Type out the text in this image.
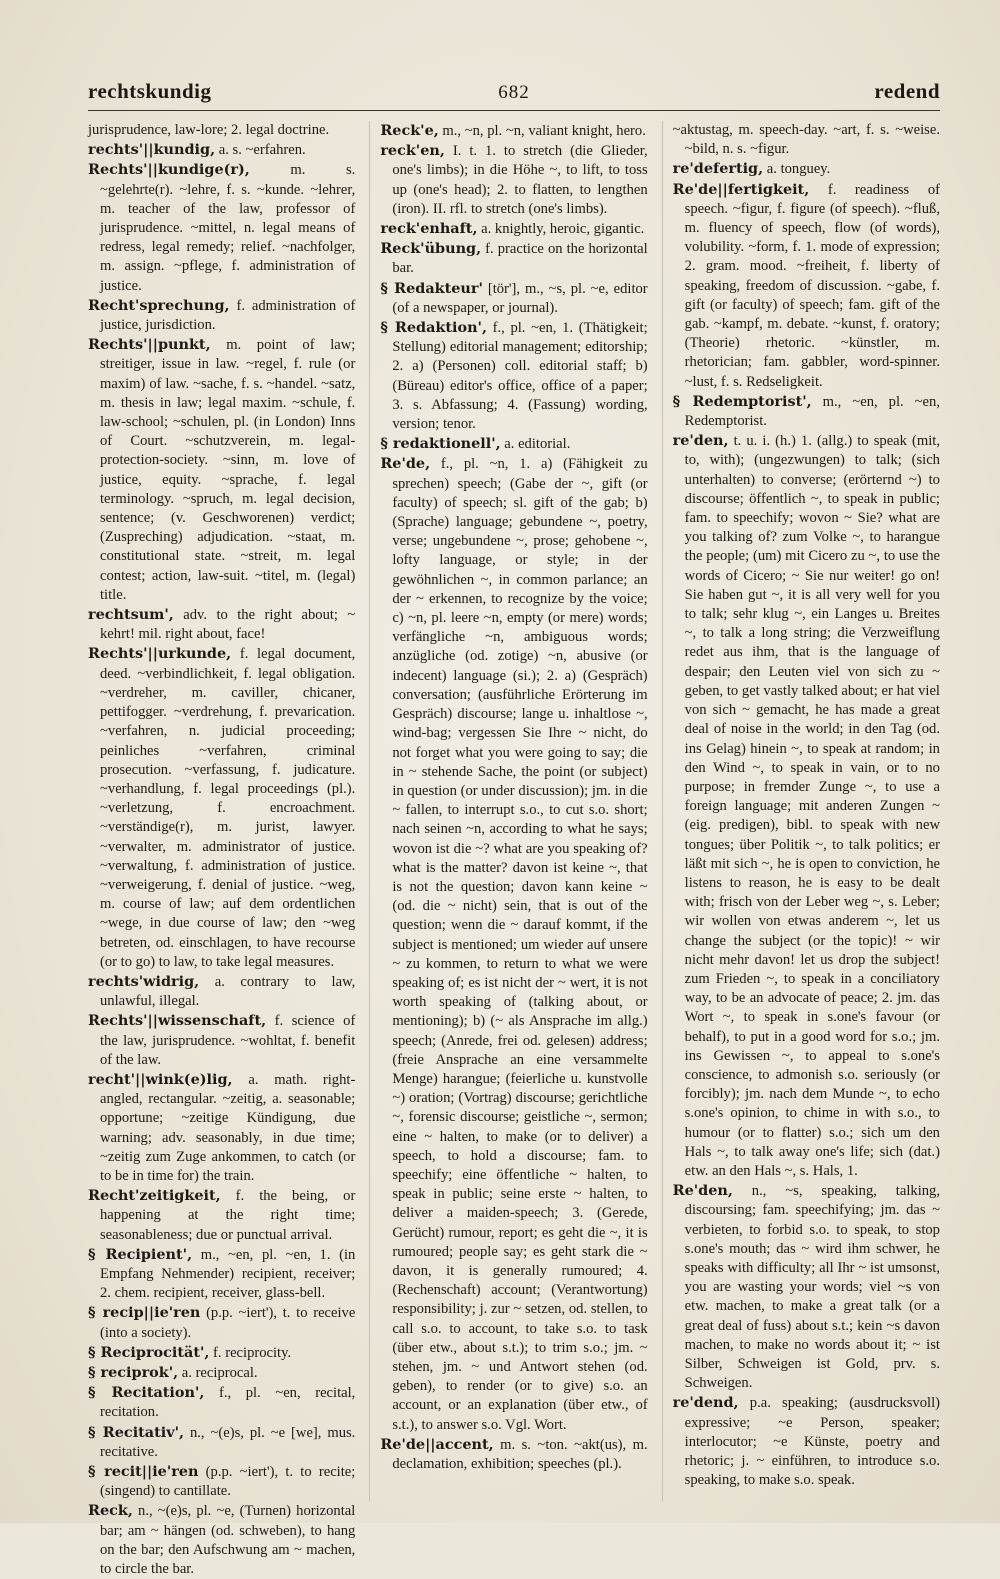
rechtskundig	682	redend

jurisprudence, law-lore; 2. legal doctrine.

rechts'||kundig, a. s. ~erfahren.

Rechts'||kundige(r),	m. s. ~gelehrte(r). ~lehre, f. s. ~kunde. ~lehrer, m. teacher of the law, professor of jurisprudence. ~mittel, n. legal means of redress, legal remedy; relief. ~nachfolger, m. assign. ~pflege, f. administration of justice.

Recht'sprechung, f. administration of justice, jurisdiction.

Rechts'||punkt, m. point of law; streitiger, issue in law. ~regel, f. rule (or maxim) of law. ~sache, f. s. ~handel. ~satz, m. thesis in law; legal maxim. ~schule, f. law-school; ~schulen, pl. (in London) Inns of Court. ~schutzverein, m. legal-protection-society. ~sinn, m. love of justice, equity. ~sprache, f. legal terminology. ~spruch, m. legal decision, sentence; (v. Geschworenen) verdict; (Zuspreching) adjudication. ~staat, m. constitutional state. ~streit, m. legal contest; action, law-suit. ~titel, m. (legal) title.

rechtsum', adv. to the right about; ~ kehrt! mil. right about, face!

Rechts'||urkunde, f. legal document, deed. ~verbindlichkeit, f. legal obligation. ~verdreher, m. caviller, chicaner, pettifogger. ~verdrehung, f. prevarication. ~verfahren, n. judicial proceeding; peinliches ~verfahren, criminal prosecution. ~verfassung, f. judicature. ~verhandlung, f. legal proceedings (pl.). ~verletzung, f. encroachment. ~verständige(r), m. jurist, lawyer. ~verwalter, m. administrator of justice. ~verwaltung, f. administration of justice. ~verweigerung, f. denial of justice. ~weg, m. course of law; auf dem ordentlichen ~wege, in due course of law; den ~weg betreten, od. einschlagen, to have recourse (or to go) to law, to take legal measures.

rechts'widrig, a. contrary to law, unlawful, illegal.

Rechts'||wissenschaft, f. science of the law, jurisprudence. ~wohltat, f. benefit of the law.

recht'||wink(e)lig, a. math. right-angled, rectangular. ~zeitig, a. seasonable; opportune; ~zeitige Kündigung, due warning; adv. seasonably, in due time; ~zeitig zum Zuge ankommen, to catch (or to be in time for) the train.

Recht'zeitigkeit, f. the being, or happening at the right time; seasonableness; due or punctual arrival.

§ Recipient', m., ~en, pl. ~en, 1. (in Empfang Nehmender) recipient, receiver; 2. chem. recipient, receiver, glass-bell.

§ recip||ie'ren (p.p. ~iert'), t. to receive (into a society).

§ Reciprocität', f. reciprocity.

§ reciprok', a. reciprocal.

§ Recitation', f., pl. ~en, recital, recitation.

§ Recitativ', n., ~(e)s, pl. ~e [we], mus. recitative.

§ recit||ie'ren (p.p. ~iert'), t. to recite; (singend) to cantillate.

Reck, n., ~(e)s, pl. ~e, (Turnen) horizontal bar; am ~ hängen (od. schweben), to hang on the bar; den Aufschwung am ~ machen, to circle the bar.

Reck'e, m., ~n, pl. ~n, valiant knight, hero.

reck'en, I. t. 1. to stretch (die Glieder, one's limbs); in die Höhe ~, to lift, to toss up (one's head); 2. to flatten, to lengthen (iron). II. rfl. to stretch (one's limbs).

reck'enhaft, a. knightly, heroic, gigantic.

Reck'übung, f. practice on the horizontal bar.

§ Redakteur' [tör'], m., ~s, pl. ~e, editor (of a newspaper, or journal).

§ Redaktion', f., pl. ~en, 1. (Thätigkeit; Stellung) editorial management; editorship; 2. a) (Personen) coll. editorial staff; b) (Büreau) editor's office, office of a paper; 3. s. Abfassung; 4. (Fassung) wording, version; tenor.

§ redaktionell', a. editorial.

Re'de, f., pl. ~n, 1. a) (Fähigkeit zu sprechen) speech; (Gabe der ~, gift (or faculty) of speech; sl. gift of the gab; b) (Sprache) language; gebundene ~, poetry, verse; ungebundene ~, prose; gehobene ~, lofty language, or style; in der gewöhnlichen ~, in common parlance; an der ~ erkennen, to recognize by the voice; c) ~n, pl. leere ~n, empty (or mere) words; verfängliche ~n, ambiguous words; anzügliche (od. zotige) ~n, abusive (or indecent) language (si.); 2. a) (Gespräch) conversation; (ausführliche Erörterung im Gespräch) discourse; lange u. inhaltlose ~, wind-bag; vergessen Sie Ihre ~ nicht, do not forget what you were going to say; die in ~ stehende Sache, the point (or subject) in question (or under discussion); jm. in die ~ fallen, to interrupt s.o., to cut s.o. short; nach seinen ~n, according to what he says; wovon ist die ~? what are you speaking of? what is the matter? davon ist keine ~, that is not the question; davon kann keine ~ (od. die ~ nicht) sein, that is out of the question; wenn die ~ darauf kommt, if the subject is mentioned; um wieder auf unsere ~ zu kommen, to return to what we were speaking of; es ist nicht der ~ wert, it is not worth speaking of (talking about, or mentioning); b) (~ als Ansprache im allg.) speech; (Anrede, frei od. gelesen) address; (freie Ansprache an eine versammelte Menge) harangue; (feierliche u. kunstvolle ~) oration; (Vortrag) discourse; gerichtliche ~, forensic discourse; geistliche ~, sermon; eine ~ halten, to make (or to deliver) a speech, to hold a discourse; fam. to speechify; eine öffentliche ~ halten, to speak in public; seine erste ~ halten, to deliver a maiden-speech; 3. (Gerede, Gerücht) rumour, report; es geht die ~, it is rumoured; people say; es geht stark die ~ davon, it is generally rumoured; 4. (Rechenschaft) account; (Verantwortung) responsibility; j. zur ~ setzen, od. stellen, to call s.o. to account, to take s.o. to task (über etw., about s.t.); to trim s.o.; jm. ~ stehen, jm. ~ und Antwort stehen (od. geben), to render (or to give) s.o. an account, or an explanation (über etw., of s.t.), to answer s.o. Vgl. Wort.

Re'de||accent, m. s. ~ton. ~akt(us), m. declamation, exhibition; speeches (pl.).

~aktustag, m. speech-day. ~art, f. s. ~weise. ~bild, n. s. ~figur.

re'defertig, a. tonguey.

Re'de||fertigkeit, f. readiness of speech. ~figur, f. figure (of speech). ~fluß, m. fluency of speech, flow (of words), volubility. ~form, f. 1. mode of expression; 2. gram. mood. ~freiheit, f. liberty of speaking, freedom of discussion. ~gabe, f. gift (or faculty) of speech; fam. gift of the gab. ~kampf, m. debate. ~kunst, f. oratory; (Theorie) rhetoric. ~künstler, m. rhetorician; fam. gabbler, word-spinner. ~lust, f. s. Redseligkeit.

§ Redemptorist', m., ~en, pl. ~en, Redemptorist.

re'den, t. u. i. (h.) 1. (allg.) to speak (mit, to, with); (ungezwungen) to talk; (sich unterhalten) to converse; (erörternd ~) to discourse; öffentlich ~, to speak in public; fam. to speechify; wovon ~ Sie? what are you talking of? zum Volke ~, to harangue the people; (um) mit Cicero zu ~, to use the words of Cicero; ~ Sie nur weiter! go on! Sie haben gut ~, it is all very well for you to talk; sehr klug ~, ein Langes u. Breites ~, to talk a long string; die Verzweiflung redet aus ihm, that is the language of despair; den Leuten viel von sich zu ~ geben, to get vastly talked about; er hat viel von sich ~ gemacht, he has made a great deal of noise in the world; in den Tag (od. ins Gelag) hinein ~, to speak at random; in den Wind ~, to speak in vain, or to no purpose; in fremder Zunge ~, to use a foreign language; mit anderen Zungen ~ (eig. predigen), bibl. to speak with new tongues; über Politik ~, to talk politics; er läßt mit sich ~, he is open to conviction, he listens to reason, he is easy to be dealt with; frisch von der Leber weg ~, s. Leber; wir wollen von etwas anderem ~, let us change the subject (or the topic)! ~ wir nicht mehr davon! let us drop the subject! zum Frieden ~, to speak in a conciliatory way, to be an advocate of peace; 2. jm. das Wort ~, to speak in s.one's favour (or behalf), to put in a good word for s.o.; jm. ins Gewissen ~, to appeal to s.one's conscience, to admonish s.o. seriously (or forcibly); jm. nach dem Munde ~, to echo s.one's opinion, to chime in with s.o., to humour (or to flatter) s.o.; sich um den Hals ~, to talk away one's life; sich (dat.) etw. an den Hals ~, s. Hals, 1.

Re'den, n., ~s, speaking, talking, discoursing; fam. speechifying; jm. das ~ verbieten, to forbid s.o. to speak, to stop s.one's mouth; das ~ wird ihm schwer, he speaks with difficulty; all Ihr ~ ist umsonst, you are wasting your words; viel ~s von etw. machen, to make a great talk (or a great deal of fuss) about s.t.; kein ~s davon machen, to make no words about it; ~ ist Silber, Schweigen ist Gold, prv. s. Schweigen.

re'dend, p.a. speaking; (ausdrucksvoll) expressive; ~e Person, speaker; interlocutor; ~e Künste, poetry and rhetoric; j. ~ einführen, to introduce s.o. speaking, to make s.o. speak.
